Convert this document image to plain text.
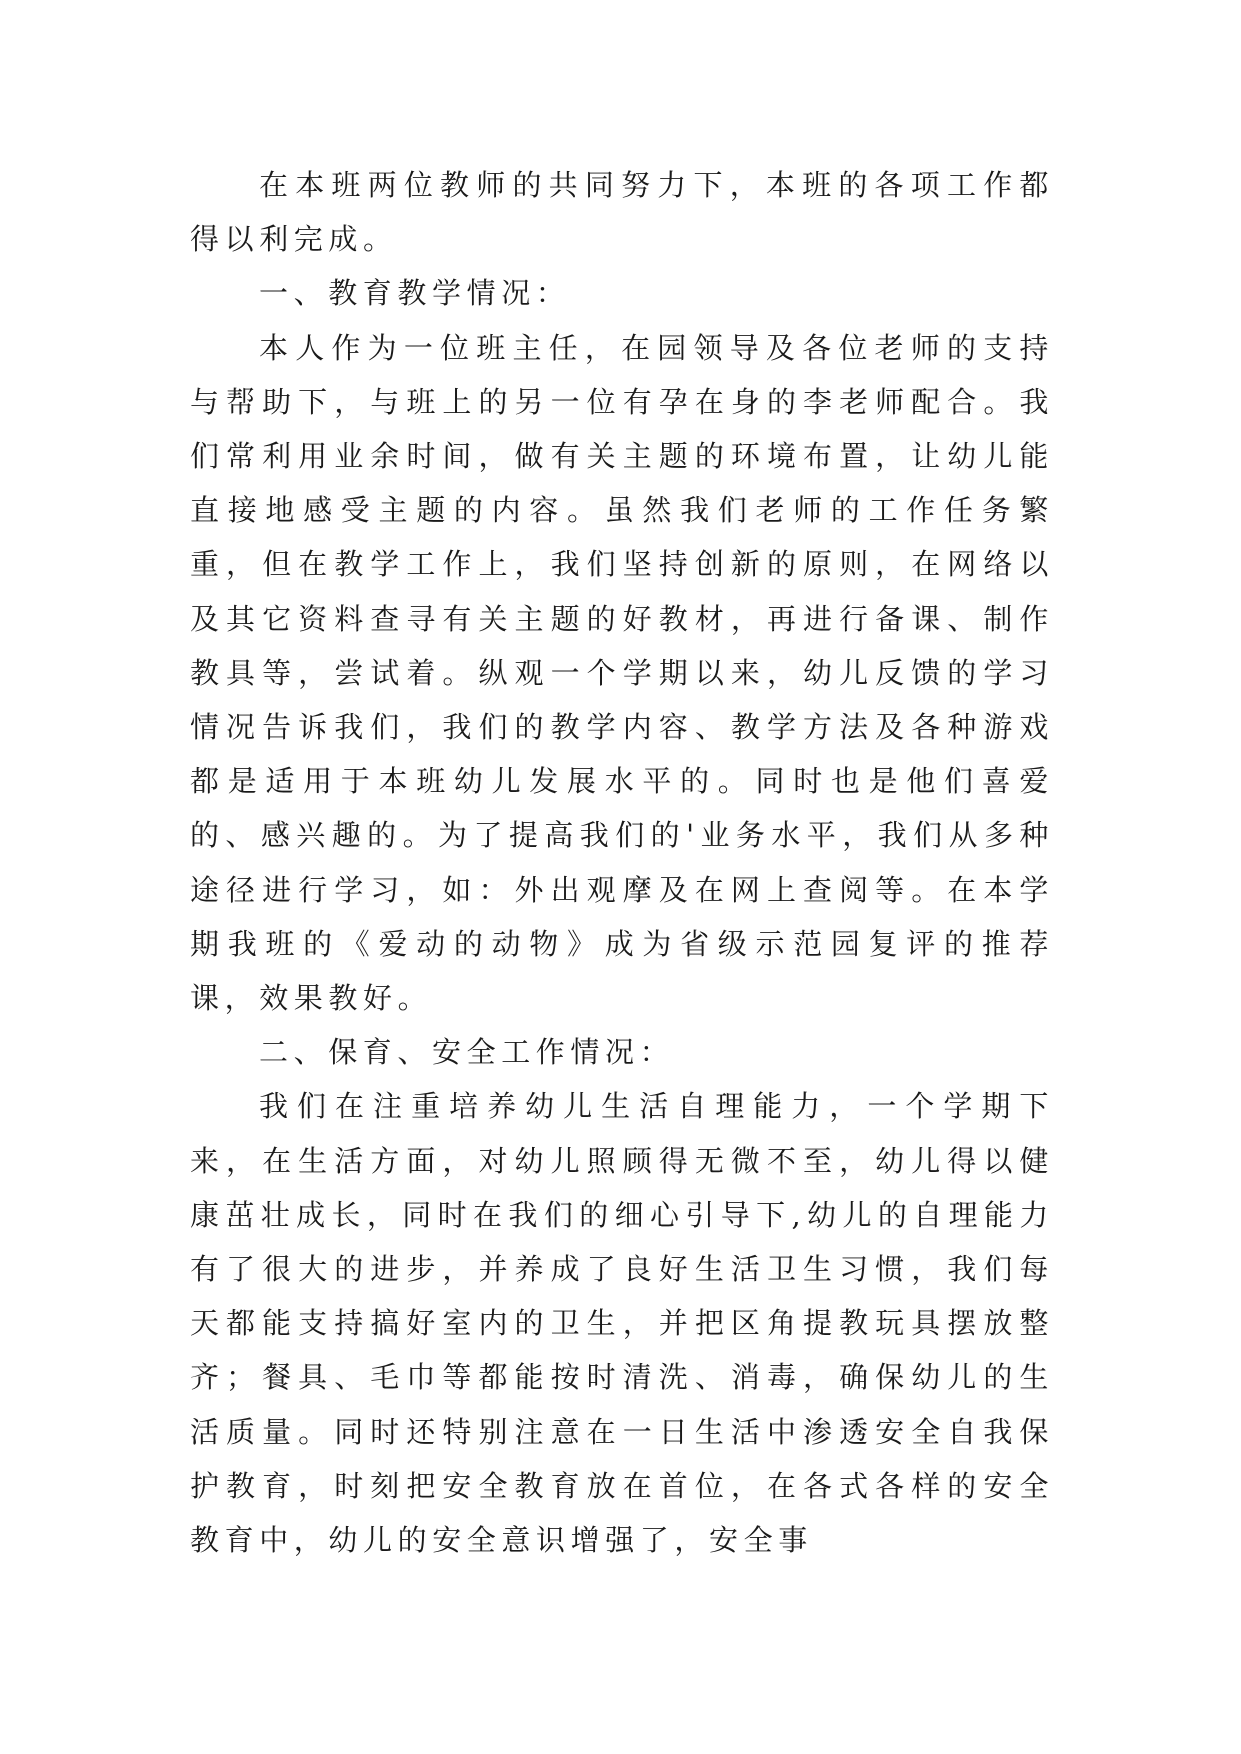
在本班两位教师的共同努力下，本班的各项工作都得以利完成。

一、教育教学情况：

本人作为一位班主任，在园领导及各位老师的支持与帮助下，与班上的另一位有孕在身的李老师配合。我们常利用业余时间，做有关主题的环境布置，让幼儿能直接地感受主题的内容。虽然我们老师的工作任务繁重，但在教学工作上，我们坚持创新的原则，在网络以及其它资料查寻有关主题的好教材，再进行备课、制作教具等，尝试着。纵观一个学期以来，幼儿反馈的学习情况告诉我们，我们的教学内容、教学方法及各种游戏都是适用于本班幼儿发展水平的。同时也是他们喜爱的、感兴趣的。为了提高我们的'业务水平，我们从多种途径进行学习，如：外出观摩及在网上查阅等。在本学期我班的《爱动的动物》成为省级示范园复评的推荐课，效果教好。

二、保育、安全工作情况：

我们在注重培养幼儿生活自理能力，一个学期下来，在生活方面，对幼儿照顾得无微不至，幼儿得以健康茁壮成长，同时在我们的细心引导下,幼儿的自理能力有了很大的进步，并养成了良好生活卫生习惯，我们每天都能支持搞好室内的卫生，并把区角提教玩具摆放整齐；餐具、毛巾等都能按时清洗、消毒，确保幼儿的生活质量。同时还特别注意在一日生活中渗透安全自我保护教育，时刻把安全教育放在首位，在各式各样的安全教育中，幼儿的安全意识增强了，安全事
